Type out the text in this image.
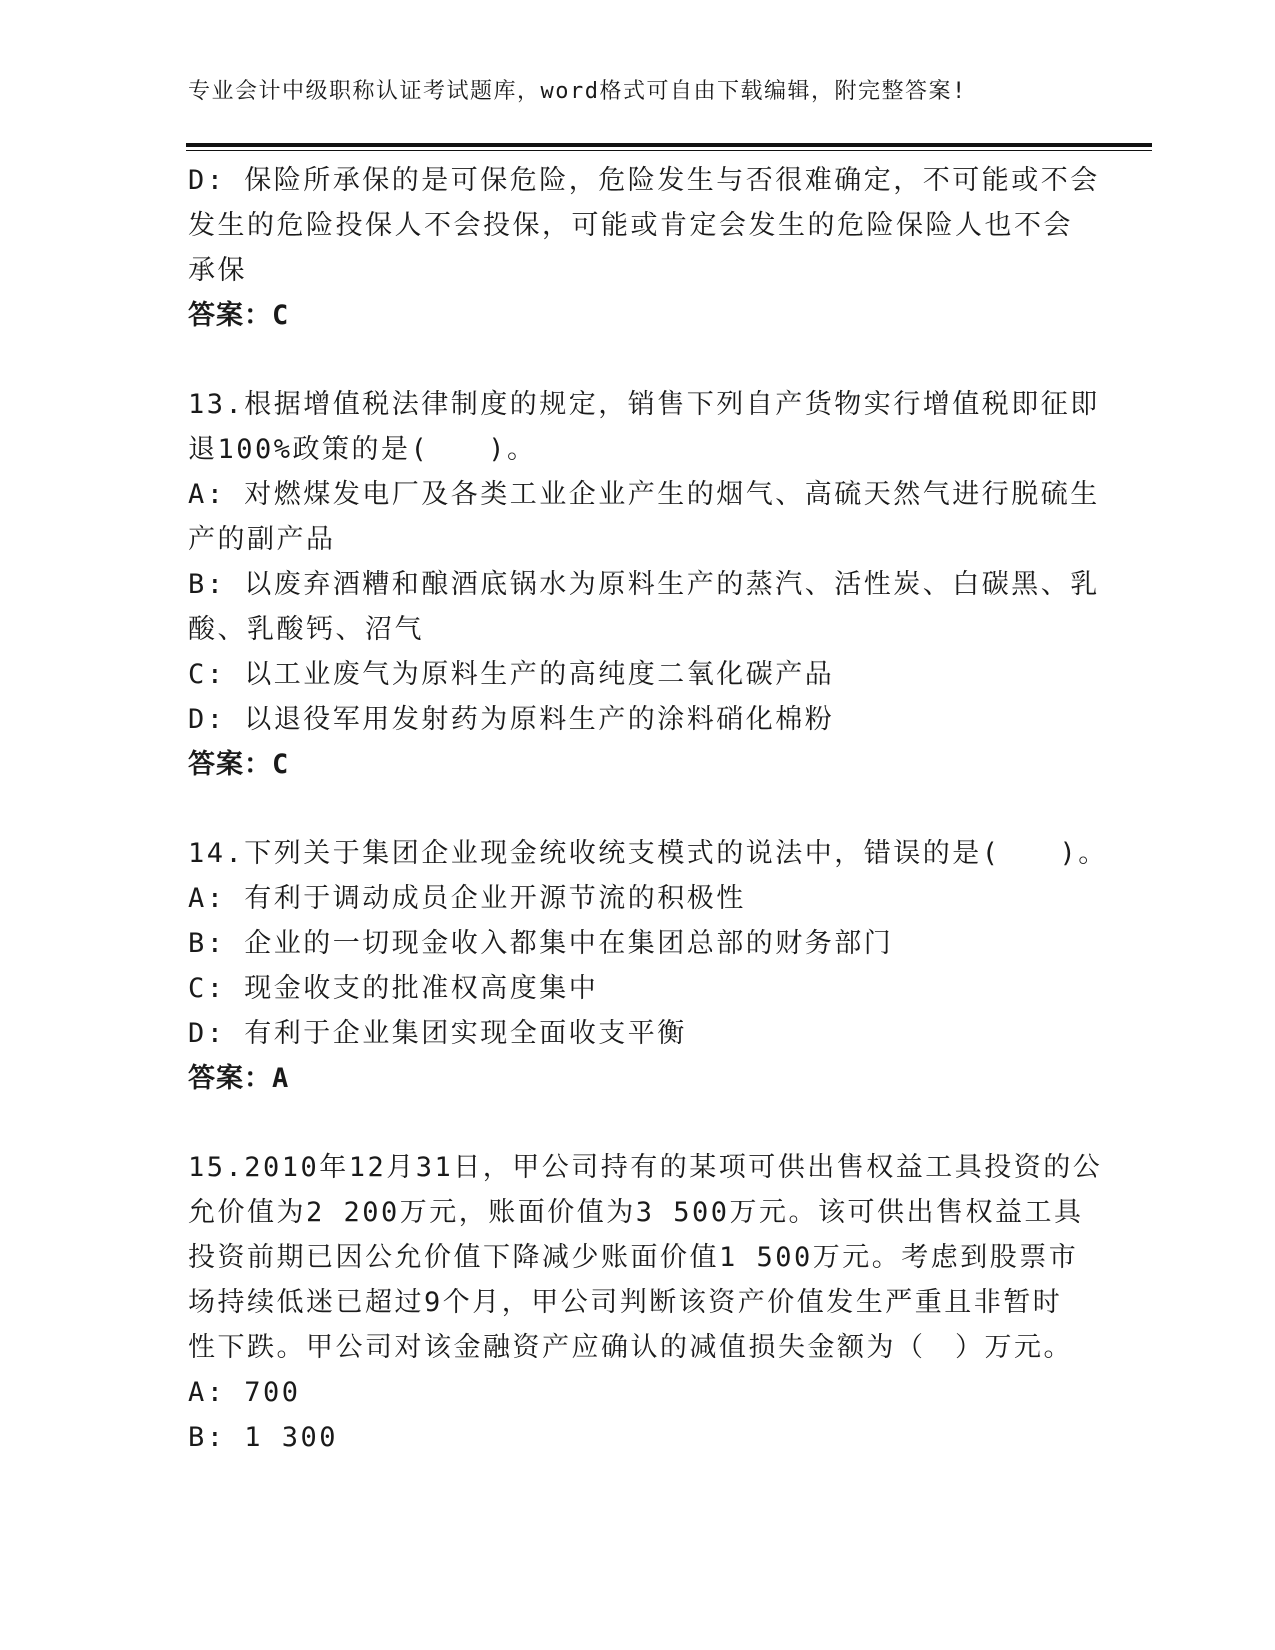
专业会计中级职称认证考试题库，word格式可自由下载编辑，附完整答案!
D: 保险所承保的是可保危险，危险发生与否很难确定，不可能或不会
发生的危险投保人不会投保，可能或肯定会发生的危险保险人也不会
承保
答案：C
13.根据增值税法律制度的规定，销售下列自产货物实行增值税即征即
退100%政策的是(　　)。
A: 对燃煤发电厂及各类工业企业产生的烟气、高硫天然气进行脱硫生
产的副产品
B: 以废弃酒糟和酿酒底锅水为原料生产的蒸汽、活性炭、白碳黑、乳
酸、乳酸钙、沼气
C: 以工业废气为原料生产的高纯度二氧化碳产品
D: 以退役军用发射药为原料生产的涂料硝化棉粉
答案：C
14.下列关于集团企业现金统收统支模式的说法中，错误的是(　　)。
A: 有利于调动成员企业开源节流的积极性
B: 企业的一切现金收入都集中在集团总部的财务部门
C: 现金收支的批准权高度集中
D: 有利于企业集团实现全面收支平衡
答案：A
15.2010年12月31日，甲公司持有的某项可供出售权益工具投资的公
允价值为2 200万元，账面价值为3 500万元。该可供出售权益工具
投资前期已因公允价值下降减少账面价值1 500万元。考虑到股票市
场持续低迷已超过9个月，甲公司判断该资产价值发生严重且非暂时
性下跌。甲公司对该金融资产应确认的减值损失金额为（　）万元。
A: 700
B: 1 300
